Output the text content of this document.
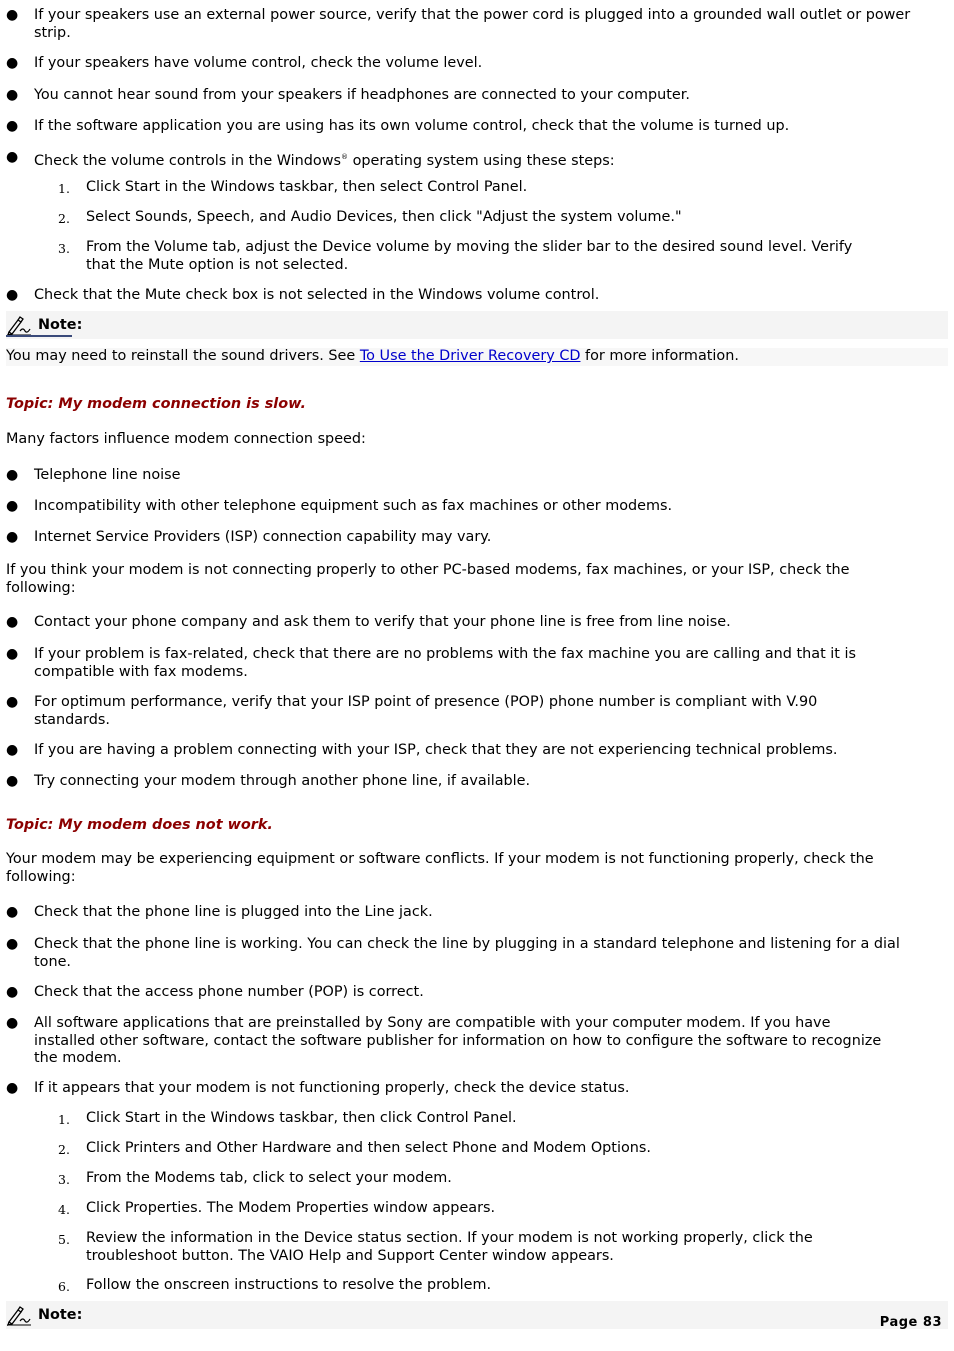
● If your speakers use an external power source, verify that the power cord is plugged into a grounded wall outlet or power strip.
● If your speakers have volume control, check the volume level.
● You cannot hear sound from your speakers if headphones are connected to your computer.
● If the software application you are using has its own volume control, check that the volume is turned up.
● Check the volume controls in the Windows® operating system using these steps:
1. Click Start in the Windows taskbar, then select Control Panel.
2. Select Sounds, Speech, and Audio Devices, then click "Adjust the system volume."
3. From the Volume tab, adjust the Device volume by moving the slider bar to the desired sound level. Verify that the Mute option is not selected.
● Check that the Mute check box is not selected in the Windows volume control.
Note:
You may need to reinstall the sound drivers. See To Use the Driver Recovery CD for more information.
Topic: My modem connection is slow.
Many factors influence modem connection speed:
● Telephone line noise
● Incompatibility with other telephone equipment such as fax machines or other modems.
● Internet Service Providers (ISP) connection capability may vary.
If you think your modem is not connecting properly to other PC-based modems, fax machines, or your ISP, check the following:
● Contact your phone company and ask them to verify that your phone line is free from line noise.
● If your problem is fax-related, check that there are no problems with the fax machine you are calling and that it is compatible with fax modems.
● For optimum performance, verify that your ISP point of presence (POP) phone number is compliant with V.90 standards.
● If you are having a problem connecting with your ISP, check that they are not experiencing technical problems.
● Try connecting your modem through another phone line, if available.
Topic: My modem does not work.
Your modem may be experiencing equipment or software conflicts. If your modem is not functioning properly, check the following:
● Check that the phone line is plugged into the Line jack.
● Check that the phone line is working. You can check the line by plugging in a standard telephone and listening for a dial tone.
● Check that the access phone number (POP) is correct.
● All software applications that are preinstalled by Sony are compatible with your computer modem. If you have installed other software, contact the software publisher for information on how to configure the software to recognize the modem.
● If it appears that your modem is not functioning properly, check the device status.
1. Click Start in the Windows taskbar, then click Control Panel.
2. Click Printers and Other Hardware and then select Phone and Modem Options.
3. From the Modems tab, click to select your modem.
4. Click Properties. The Modem Properties window appears.
5. Review the information in the Device status section. If your modem is not working properly, click the troubleshoot button. The VAIO Help and Support Center window appears.
6. Follow the onscreen instructions to resolve the problem.
Note:	Page 83
